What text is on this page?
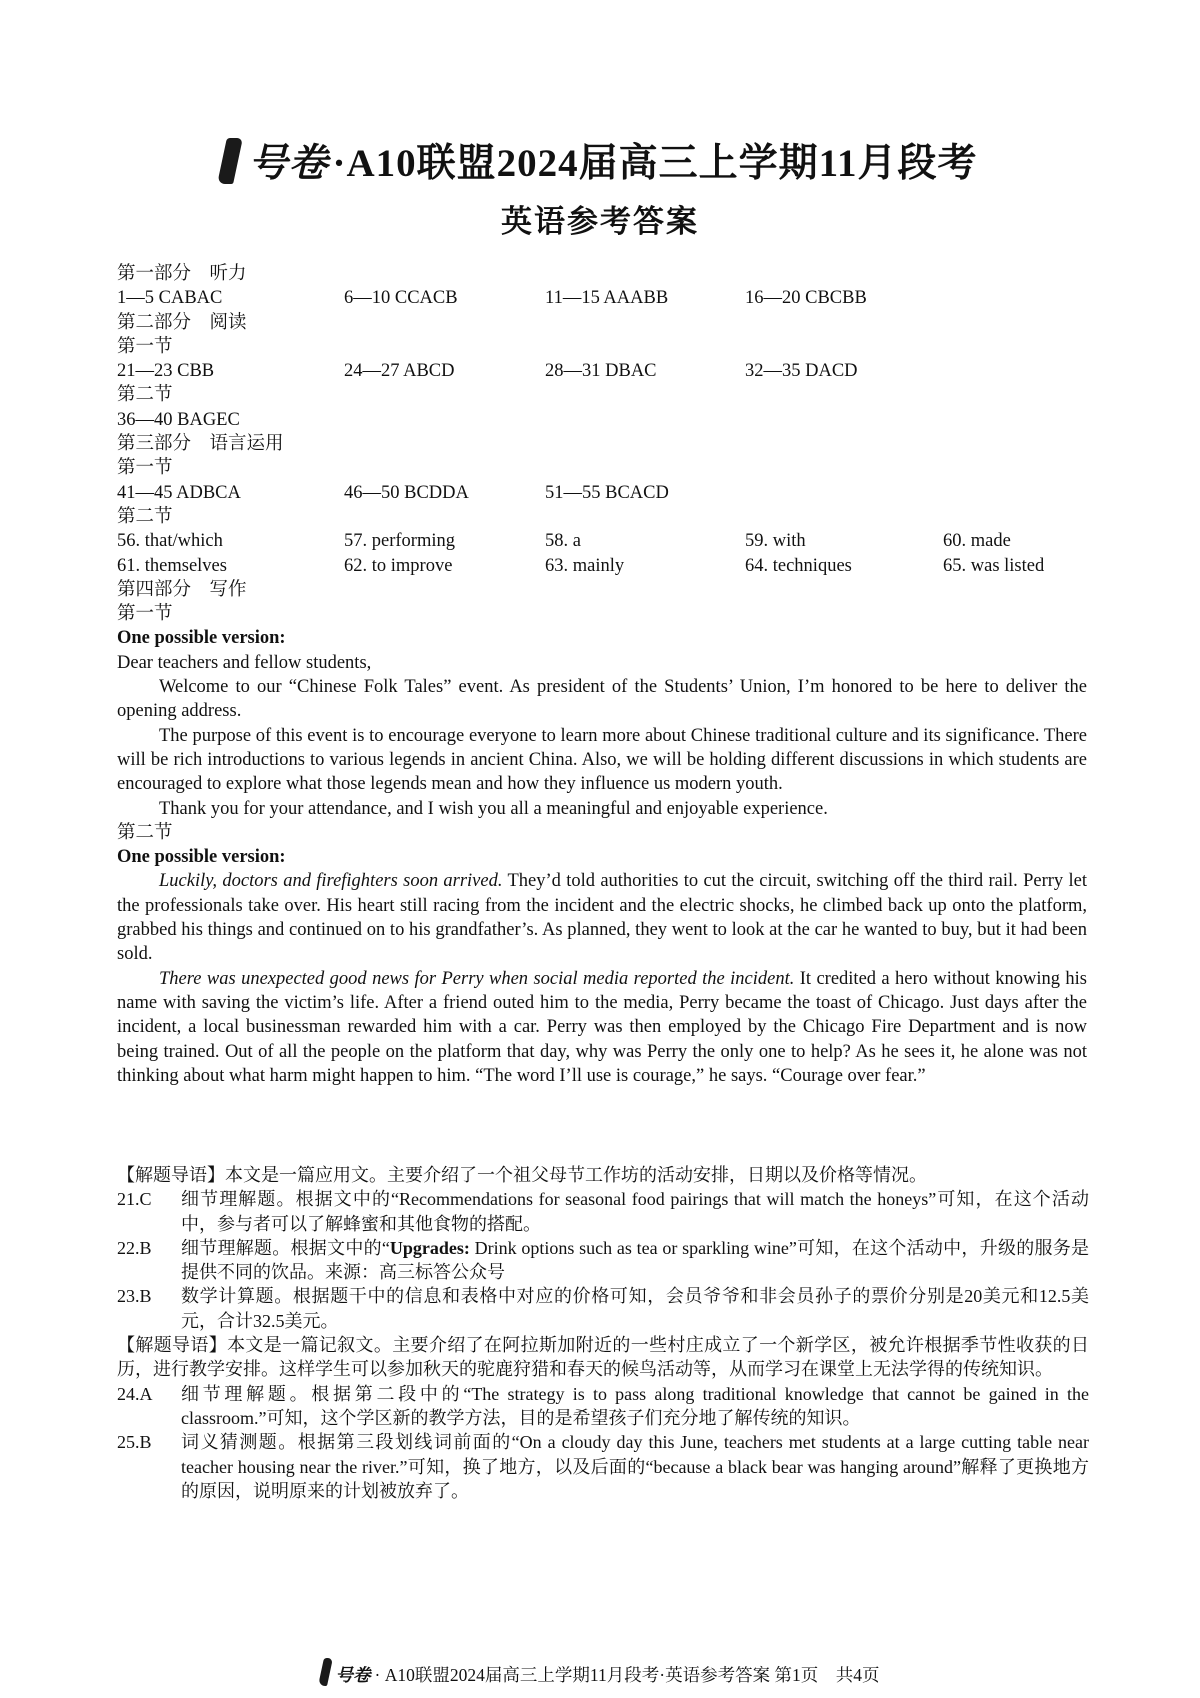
号卷 ·A10联盟2024届高三上学期11月段考
英语参考答案
第一部分　听力
1—5 CABAC	6—10 CCACB	11—15 AAABB	16—20 CBCBB
第二部分　阅读
第一节
21—23 CBB	24—27 ABCD	28—31 DBAC	32—35 DACD
第二节
36—40 BAGEC
第三部分　语言运用
第一节
41—45 ADBCA	46—50 BCDDA	51—55 BCACD
第二节
56. that/which	57. performing	58. a	59. with	60. made
61. themselves	62. to improve	63. mainly	64. techniques	65. was listed
第四部分　写作
第一节
One possible version:
Dear teachers and fellow students,

Welcome to our “Chinese Folk Tales” event. As president of the Students’ Union, I’m honored to be here to deliver the opening address.

The purpose of this event is to encourage everyone to learn more about Chinese traditional culture and its significance. There will be rich introductions to various legends in ancient China. Also, we will be holding different discussions in which students are encouraged to explore what those legends mean and how they influence us modern youth.

Thank you for your attendance, and I wish you all a meaningful and enjoyable experience.

第二节
One possible version:

Luckily, doctors and firefighters soon arrived. They’d told authorities to cut the circuit, switching off the third rail. Perry let the professionals take over. His heart still racing from the incident and the electric shocks, he climbed back up onto the platform, grabbed his things and continued on to his grandfather’s. As planned, they went to look at the car he wanted to buy, but it had been sold.

There was unexpected good news for Perry when social media reported the incident. It credited a hero without knowing his name with saving the victim’s life. After a friend outed him to the media, Perry became the toast of Chicago. Just days after the incident, a local businessman rewarded him with a car. Perry was then employed by the Chicago Fire Department and is now being trained. Out of all the people on the platform that day, why was Perry the only one to help? As he sees it, he alone was not thinking about what harm might happen to him. “The word I’ll use is courage,” he says. “Courage over fear.”

【解题导语】本文是一篇应用文。主要介绍了一个祖父母节工作坊的活动安排，日期以及价格等情况。

21.C 细节理解题。根据文中的“Recommendations for seasonal food pairings that will match the honeys”可知，在这个活动中，参与者可以了解蜂蜜和其他食物的搭配。

22.B 细节理解题。根据文中的“Upgrades: Drink options such as tea or sparkling wine”可知，在这个活动中，升级的服务是提供不同的饮品。来源：高三标答公众号

23.B 数学计算题。根据题干中的信息和表格中对应的价格可知，会员爷爷和非会员孙子的票价分别是20美元和12.5美元，合计32.5美元。

【解题导语】本文是一篇记叙文。主要介绍了在阿拉斯加附近的一些村庄成立了一个新学区，被允许根据季节性收获的日历，进行教学安排。这样学生可以参加秋天的驼鹿狩猎和春天的候鸟活动等，从而学习在课堂上无法学得的传统知识。

24.A 细节理解题。根据第二段中的“The strategy is to pass along traditional knowledge that cannot be gained in the classroom.”可知，这个学区新的教学方法，目的是希望孩子们充分地了解传统的知识。

25.B 词义猜测题。根据第三段划线词前面的“On a cloudy day this June, teachers met students at a large cutting table near teacher housing near the river.”可知，换了地方，以及后面的“because a black bear was hanging around”解释了更换地方的原因，说明原来的计划被放弃了。

号卷 · A10联盟2024届高三上学期11月段考·英语参考答案 第1页　共4页
